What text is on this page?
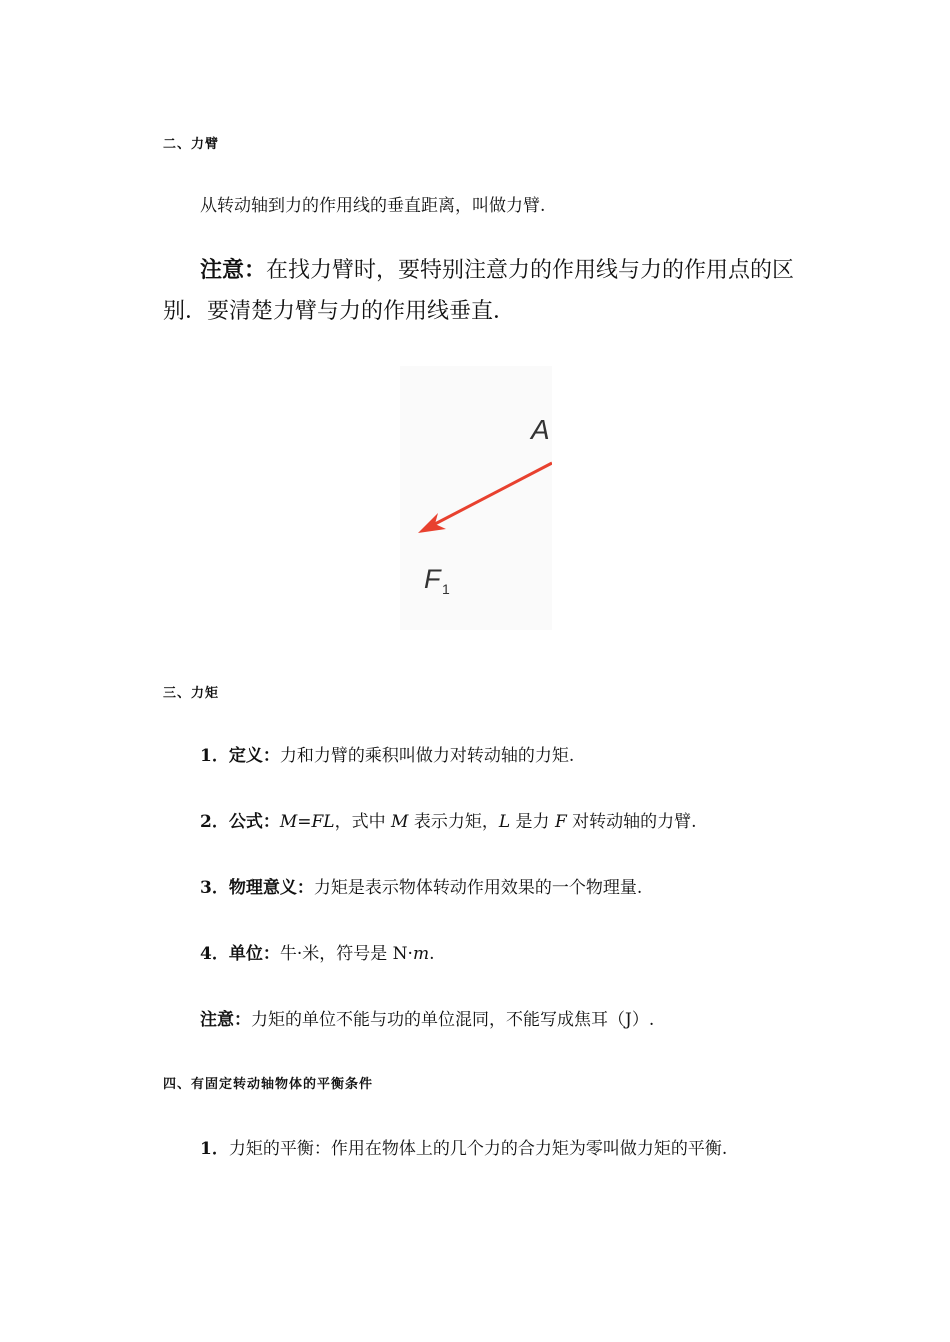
二、力臂
从转动轴到力的作用线的垂直距离，叫做力臂.
注意：在找力臂时，要特别注意力的作用线与力的作用点的区
别．要清楚力臂与力的作用线垂直．
A
F 1
三、力矩
1．定义：力和力臂的乘积叫做力对转动轴的力矩.
2．公式：M=FL，式中 M 表示力矩，L 是力 F 对转动轴的力臂.
3．物理意义：力矩是表示物体转动作用效果的一个物理量.
4．单位：牛·米，符号是 N·m.
注意：力矩的单位不能与功的单位混同，不能写成焦耳（J）.
四、有固定转动轴物体的平衡条件
1．力矩的平衡：作用在物体上的几个力的合力矩为零叫做力矩的平衡.
